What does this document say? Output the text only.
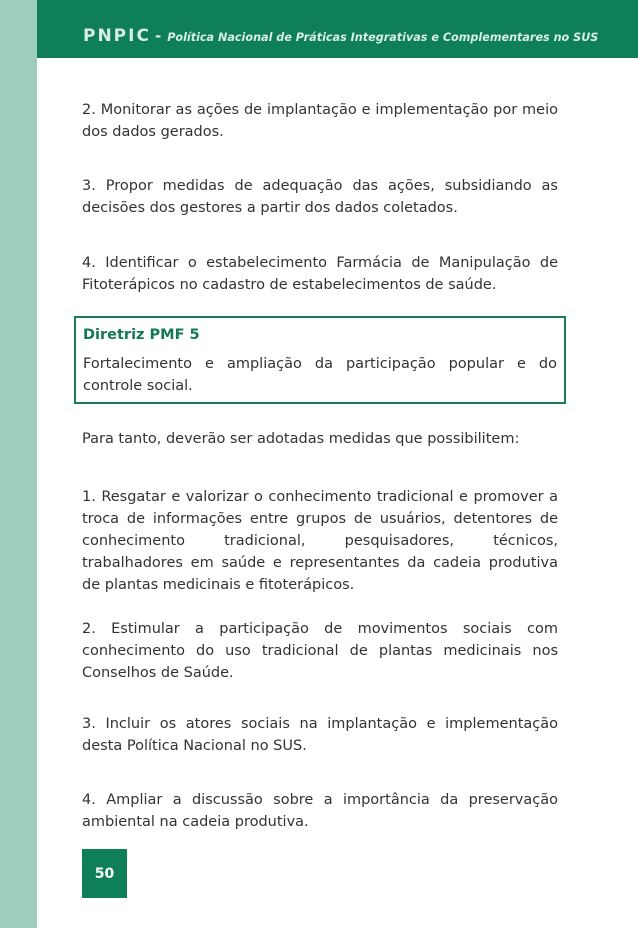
PNPIC - Política Nacional de Práticas Integrativas e Complementares no SUS

2. Monitorar as ações de implantação e implementação por meio dos dados gerados.

3. Propor medidas de adequação das ações, subsidiando as decisões dos gestores a partir dos dados coletados.

4. Identificar o estabelecimento Farmácia de Manipulação de Fitoterápicos no cadastro de estabelecimentos de saúde.

Diretriz PMF 5

Fortalecimento e ampliação da participação popular e do controle social.

Para tanto, deverão ser adotadas medidas que possibilitem:

1. Resgatar e valorizar o conhecimento tradicional e promover a troca de informações entre grupos de usuários, detentores de conhecimento tradicional, pesquisadores, técnicos, trabalhadores em saúde e representantes da cadeia produtiva de plantas medicinais e fitoterápicos.

2. Estimular a participação de movimentos sociais com conhecimento do uso tradicional de plantas medicinais nos Conselhos de Saúde.

3. Incluir os atores sociais na implantação e implementação desta Política Nacional no SUS.

4. Ampliar a discussão sobre a importância da preservação ambiental na cadeia produtiva.

50
